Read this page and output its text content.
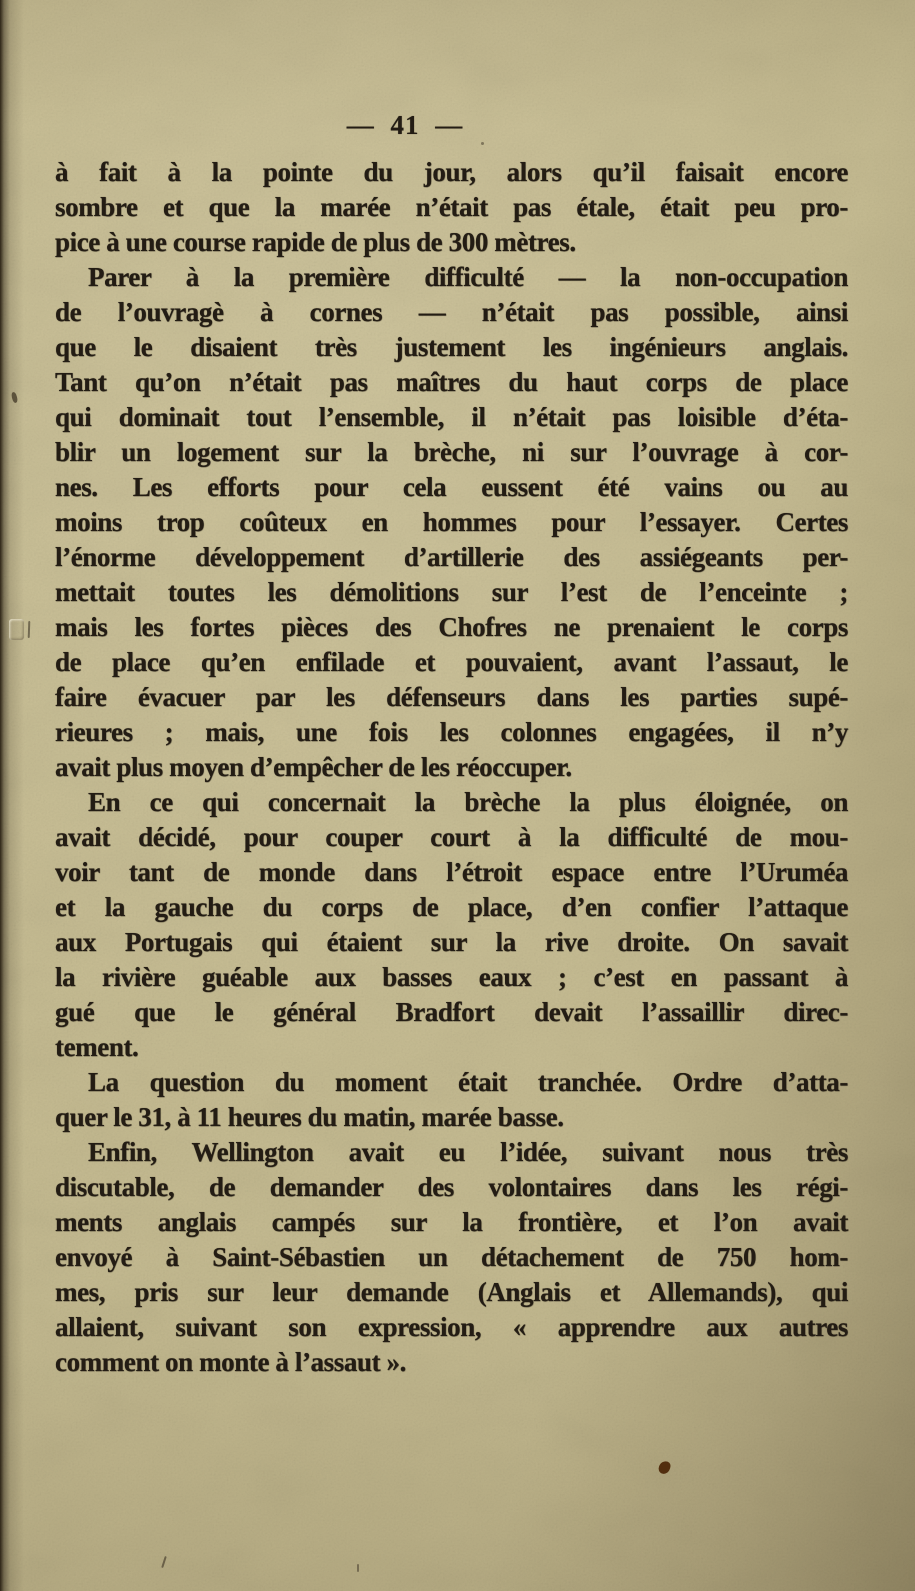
— 41 —
à fait à la pointe du jour, alors qu’il faisait encore
sombre et que la marée n’était pas étale, était peu pro-
pice à une course rapide de plus de 300 mètres.
Parer à la première difficulté — la non-occupation
de l’ouvragè à cornes — n’était pas possible, ainsi
que le disaient très justement les ingénieurs anglais.
Tant qu’on n’était pas maîtres du haut corps de place
qui dominait tout l’ensemble, il n’était pas loisible d’éta-
blir un logement sur la brèche, ni sur l’ouvrage à cor-
nes. Les efforts pour cela eussent été vains ou au
moins trop coûteux en hommes pour l’essayer. Certes
l’énorme développement d’artillerie des assiégeants per-
mettait toutes les démolitions sur l’est de l’enceinte ;
mais les fortes pièces des Chofres ne prenaient le corps
de place qu’en enfilade et pouvaient, avant l’assaut, le
faire évacuer par les défenseurs dans les parties supé-
rieures ; mais, une fois les colonnes engagées, il n’y
avait plus moyen d’empêcher de les réoccuper.
En ce qui concernait la brèche la plus éloignée, on
avait décidé, pour couper court à la difficulté de mou-
voir tant de monde dans l’étroit espace entre l’Uruméa
et la gauche du corps de place, d’en confier l’attaque
aux Portugais qui étaient sur la rive droite. On savait
la rivière guéable aux basses eaux ; c’est en passant à
gué que le général Bradfort devait l’assaillir direc-
tement.
La question du moment était tranchée. Ordre d’atta-
quer le 31, à 11 heures du matin, marée basse.
Enfin, Wellington avait eu l’idée, suivant nous très
discutable, de demander des volontaires dans les régi-
ments anglais campés sur la frontière, et l’on avait
envoyé à Saint-Sébastien un détachement de 750 hom-
mes, pris sur leur demande (Anglais et Allemands), qui
allaient, suivant son expression, « apprendre aux autres
comment on monte à l’assaut ».
